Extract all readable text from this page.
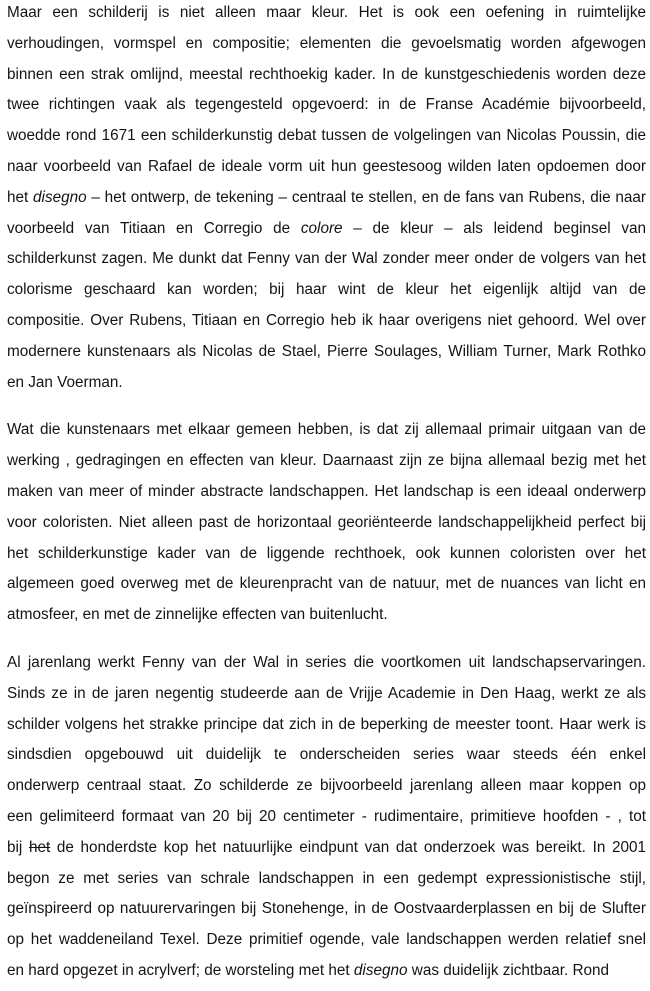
Maar een schilderij is niet alleen maar kleur. Het is ook een oefening in ruimtelijke
verhoudingen, vormspel en compositie; elementen die gevoelsmatig worden afgewogen
binnen een strak omlijnd, meestal rechthoekig kader. In de kunstgeschiedenis worden deze
twee richtingen vaak als tegengesteld opgevoerd: in de Franse Académie bijvoorbeeld,
woedde rond 1671 een schilderkunstig debat tussen de volgelingen van Nicolas Poussin, die
naar voorbeeld van Rafael de ideale vorm uit hun geestesoog wilden laten opdoemen door
het disegno – het ontwerp, de tekening – centraal te stellen, en de fans van Rubens, die naar
voorbeeld van Titiaan en Corregio de colore – de kleur – als leidend beginsel van
schilderkunst zagen. Me dunkt dat Fenny van der Wal zonder meer onder de volgers van het
colorisme geschaard kan worden; bij haar wint de kleur het eigenlijk altijd van de
compositie. Over Rubens, Titiaan en Corregio heb ik haar overigens niet gehoord. Wel over
modernere kunstenaars als Nicolas de Stael, Pierre Soulages, William Turner, Mark Rothko
en Jan Voerman.
Wat die kunstenaars met elkaar gemeen hebben, is dat zij allemaal primair uitgaan van de
werking , gedragingen en effecten van kleur. Daarnaast zijn ze bijna allemaal bezig met het
maken van meer of minder abstracte landschappen. Het landschap is een ideaal onderwerp
voor coloristen. Niet alleen past de horizontaal georiënteerde landschappelijkheid perfect bij
het schilderkunstige kader van de liggende rechthoek, ook kunnen coloristen over het
algemeen goed overweg met de kleurenpracht van de natuur, met de nuances van licht en
atmosfeer, en met de zinnelijke effecten van buitenlucht.
Al jarenlang werkt Fenny van der Wal in series die voortkomen uit landschapservaringen.
Sinds ze in de jaren negentig studeerde aan de Vrijje Academie in Den Haag, werkt ze als
schilder volgens het strakke principe dat zich in de beperking de meester toont. Haar werk is
sindsdien opgebouwd uit duidelijk te onderscheiden series waar steeds één enkel
onderwerp centraal staat. Zo schilderde ze bijvoorbeeld jarenlang alleen maar koppen op
een gelimiteerd formaat van 20 bij 20 centimeter - rudimentaire, primitieve hoofden - , tot
bij het de honderdste kop het natuurlijke eindpunt van dat onderzoek was bereikt. In 2001
begon ze met series van schrale landschappen in een gedempt expressionistische stijl,
geïnspireerd op natuurervaringen bij Stonehenge, in de Oostvaarderplassen en bij de Slufter
op het waddeneiland Texel. Deze primitief ogende, vale landschappen werden relatief snel
en hard opgezet in acrylverf; de worsteling met het disegno was duidelijk zichtbaar. Rond
